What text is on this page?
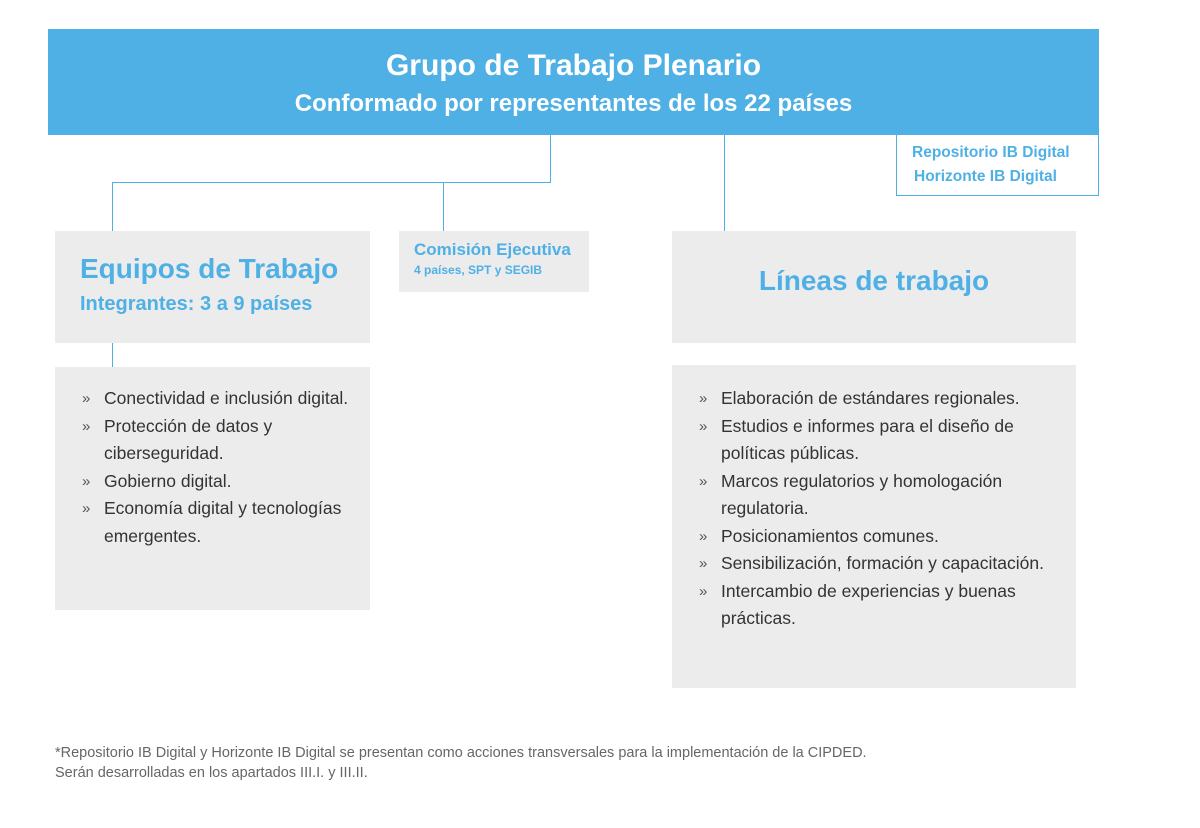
Grupo de Trabajo Plenario
Conformado por representantes de los 22 países
Repositorio IB Digital
Horizonte IB Digital
Equipos de Trabajo
Integrantes: 3 a 9 países
Comisión Ejecutiva
4 países, SPT y SEGIB	Líneas de trabajo
» Conectividad e inclusión digital.
» Protección de datos y ciberseguridad.
» Gobierno digital.
» Economía digital y tecnologías emergentes.
» Elaboración de estándares regionales.
» Estudios e informes para el diseño de políticas públicas.
» Marcos regulatorios y homologación regulatoria.
» Posicionamientos comunes.
» Sensibilización, formación y capacitación.
» Intercambio de experiencias y buenas prácticas.
*Repositorio IB Digital y Horizonte IB Digital se presentan como acciones transversales para la implementación de la CIPDED. Serán desarrolladas en los apartados III.I. y III.II.
